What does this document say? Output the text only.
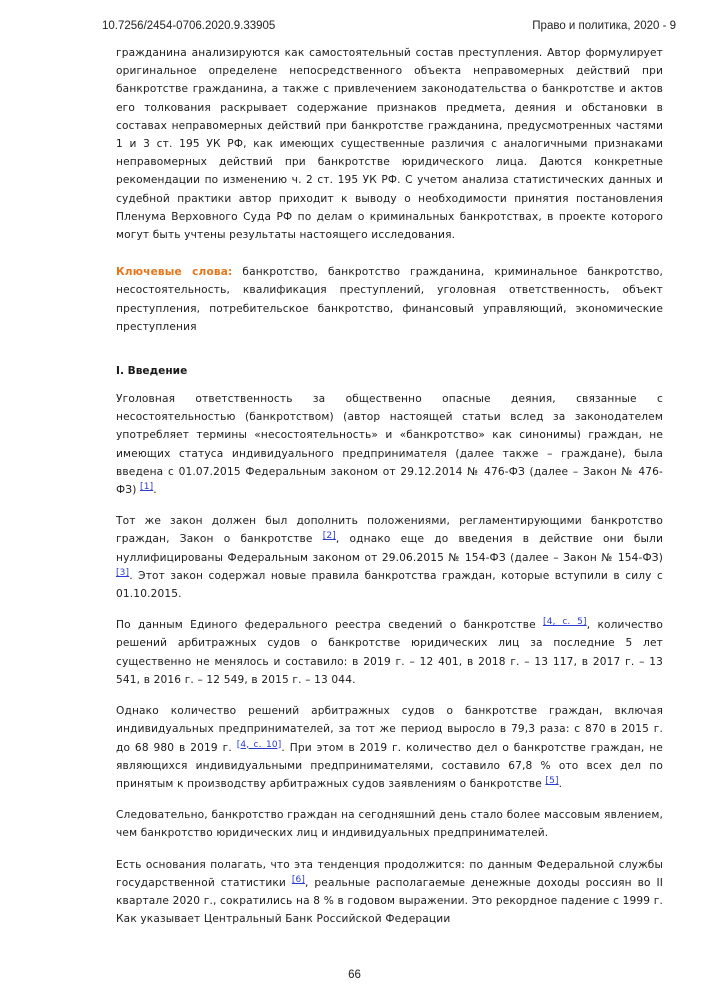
10.7256/2454-0706.2020.9.33905	Право и политика, 2020 - 9

гражданина анализируются как самостоятельный состав преступления. Автор формулирует оригинальное определене непосредственного объекта неправомерных действий при банкротстве гражданина, а также с привлечением законодательства о банкротстве и актов его толкования раскрывает содержание признаков предмета, деяния и обстановки в составах неправомерных действий при банкротстве гражданина, предусмотренных частями 1 и 3 ст. 195 УК РФ, как имеющих существенные различия с аналогичными признаками неправомерных действий при банкротстве юридического лица. Даются конкретные рекомендации по изменению ч. 2 ст. 195 УК РФ. С учетом анализа статистических данных и судебной практики автор приходит к выводу о необходимости принятия постановления Пленума Верховного Суда РФ по делам о криминальных банкротствах, в проекте которого могут быть учтены результаты настоящего исследования.

Ключевые слова: банкротство, банкротство гражданина, криминальное банкротство, несостоятельность, квалификация преступлений, уголовная ответственность, объект преступления, потребительское банкротство, финансовый управляющий, экономические преступления

I. Введение

Уголовная ответственность за общественно опасные деяния, связанные с несостоятельностью (банкротством) (автор настоящей статьи вслед за законодателем употребляет термины «несостоятельность» и «банкротство» как синонимы) граждан, не имеющих статуса индивидуального предпринимателя (далее также – граждане), была введена с 01.07.2015 Федеральным законом от 29.12.2014 № 476-ФЗ (далее – Закон № 476-ФЗ) [1].

Тот же закон должен был дополнить положениями, регламентирующими банкротство граждан, Закон о банкротстве [2], однако еще до введения в действие они были нуллифицированы Федеральным законом от 29.06.2015 № 154-ФЗ (далее – Закон № 154-ФЗ) [3]. Этот закон содержал новые правила банкротства граждан, которые вступили в силу с 01.10.2015.

По данным Единого федерального реестра сведений о банкротстве [4, с. 5], количество решений арбитражных судов о банкротстве юридических лиц за последние 5 лет существенно не менялось и составило: в 2019 г. – 12 401, в 2018 г. – 13 117, в 2017 г. – 13 541, в 2016 г. – 12 549, в 2015 г. – 13 044.

Однако количество решений арбитражных судов о банкротстве граждан, включая индивидуальных предпринимателей, за тот же период выросло в 79,3 раза: с 870 в 2015 г. до 68 980 в 2019 г. [4, с. 10]. При этом в 2019 г. количество дел о банкротстве граждан, не являющихся индивидуальными предпринимателями, составило 67,8 % ото всех дел по принятым к производству арбитражных судов заявлениям о банкротстве [5].

Следовательно, банкротство граждан на сегодняшний день стало более массовым явлением, чем банкротство юридических лиц и индивидуальных предпринимателей.

Есть основания полагать, что эта тенденция продолжится: по данным Федеральной службы государственной статистики [6], реальные располагаемые денежные доходы россиян во II квартале 2020 г., сократились на 8 % в годовом выражении. Это рекордное падение с 1999 г. Как указывает Центральный Банк Российской Федерации

66
